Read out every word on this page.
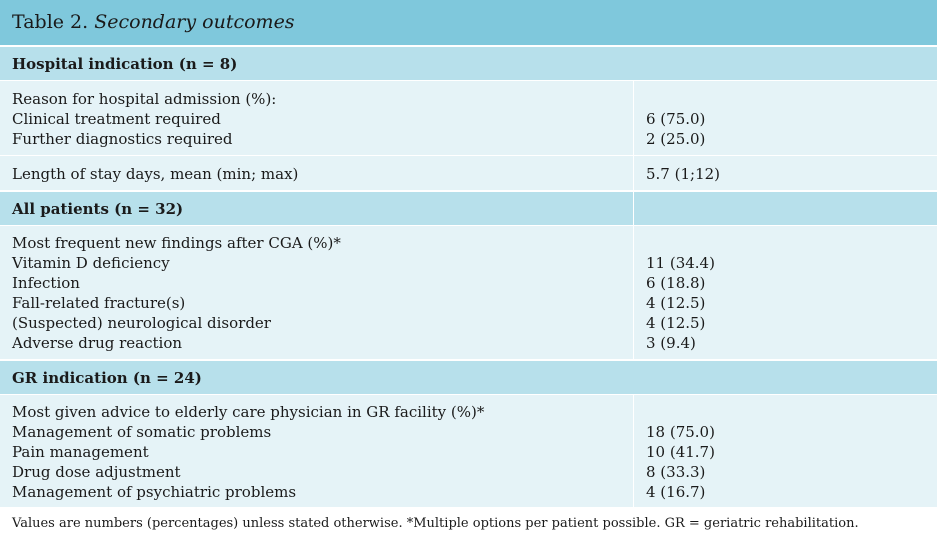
Table 2. Secondary outcomes
Hospital indication (n = 8)
Reason for hospital admission (%):
Clinical treatment required
Further diagnostics required
6 (75.0)
2 (25.0)
Length of stay days, mean (min; max)	5.7 (1;12)
All patients (n = 32)
Most frequent new findings after CGA (%)*
Vitamin D deficiency
Infection
Fall-related fracture(s)
(Suspected) neurological disorder
Adverse drug reaction
11 (34.4)
6 (18.8)
4 (12.5)
4 (12.5)
3 (9.4)
GR indication (n = 24)
Most given advice to elderly care physician in GR facility (%)*
Management of somatic problems
Pain management
Drug dose adjustment
Management of psychiatric problems
18 (75.0)
10 (41.7)
8 (33.3)
4 (16.7)
Values are numbers (percentages) unless stated otherwise. *Multiple options per patient possible. GR = geriatric rehabilitation.
